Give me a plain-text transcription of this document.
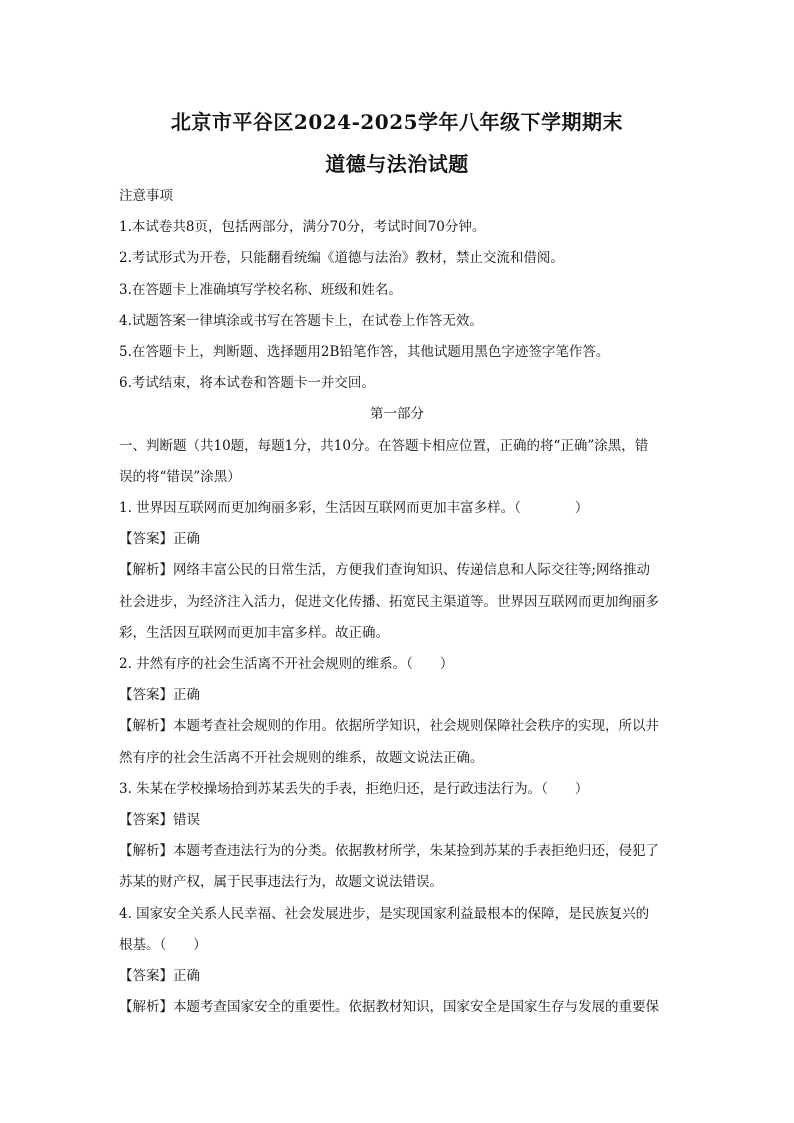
北京市平谷区2024-2025学年八年级下学期期末
道德与法治试题
注意事项
1.本试卷共8页，包括两部分，满分70分，考试时间70分钟。
2.考试形式为开卷，只能翻看统编《道德与法治》教材，禁止交流和借阅。
3.在答题卡上准确填写学校名称、班级和姓名。
4.试题答案一律填涂或书写在答题卡上，在试卷上作答无效。
5.在答题卡上，判断题、选择题用2B铅笔作答，其他试题用黑色字迹签字笔作答。
6.考试结束，将本试卷和答题卡一并交回。
第一部分
一、判断题（共10题，每题1分，共10分。在答题卡相应位置，正确的将“正确”涂黑，错
误的将“错误”涂黑）
1. 世界因互联网而更加绚丽多彩，生活因互联网而更加丰富多样。（　　　　）
【答案】正确
【解析】网络丰富公民的日常生活，方便我们查询知识、传递信息和人际交往等;网络推动
社会进步，为经济注入活力，促进文化传播、拓宽民主渠道等。世界因互联网而更加绚丽多
彩，生活因互联网而更加丰富多样。故正确。
2. 井然有序的社会生活离不开社会规则的维系。（　　）
【答案】正确
【解析】本题考查社会规则的作用。依据所学知识，社会规则保障社会秩序的实现，所以井
然有序的社会生活离不开社会规则的维系，故题文说法正确。
3. 朱某在学校操场拾到苏某丢失的手表，拒绝归还，是行政违法行为。（　　）
【答案】错误
【解析】本题考查违法行为的分类。依据教材所学，朱某捡到苏某的手表拒绝归还，侵犯了
苏某的财产权，属于民事违法行为，故题文说法错误。
4. 国家安全关系人民幸福、社会发展进步，是实现国家利益最根本的保障，是民族复兴的
根基。（　　）
【答案】正确
【解析】本题考查国家安全的重要性。依据教材知识，国家安全是国家生存与发展的重要保
